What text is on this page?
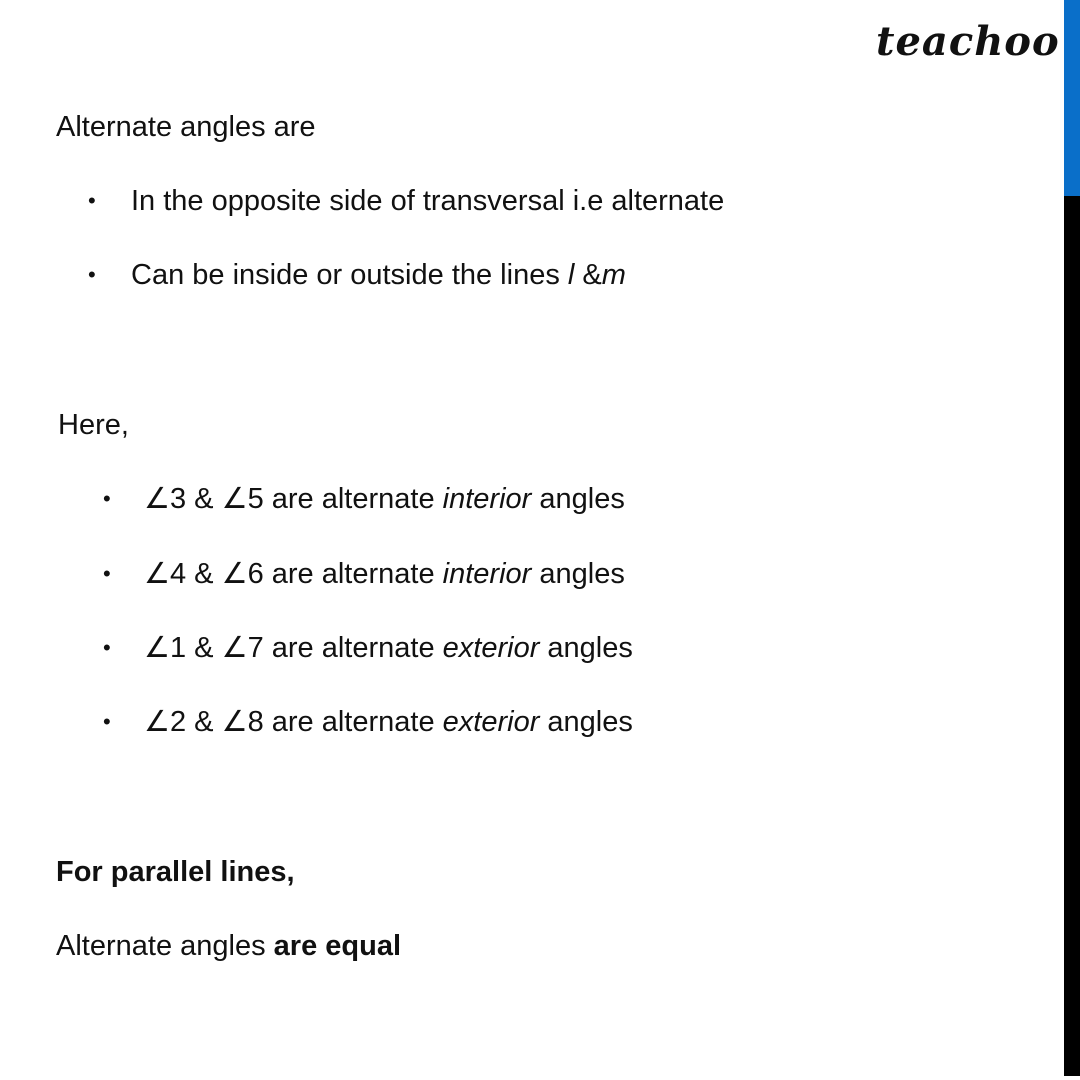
teachoo
Alternate angles are
• In the opposite side of transversal i.e alternate
• Can be inside or outside the lines l &m
Here,
• ∠3 & ∠5 are alternate interior angles
• ∠4 & ∠6 are alternate interior angles
• ∠1 & ∠7 are alternate exterior angles
• ∠2 & ∠8 are alternate exterior angles
For parallel lines,
Alternate angles are equal
